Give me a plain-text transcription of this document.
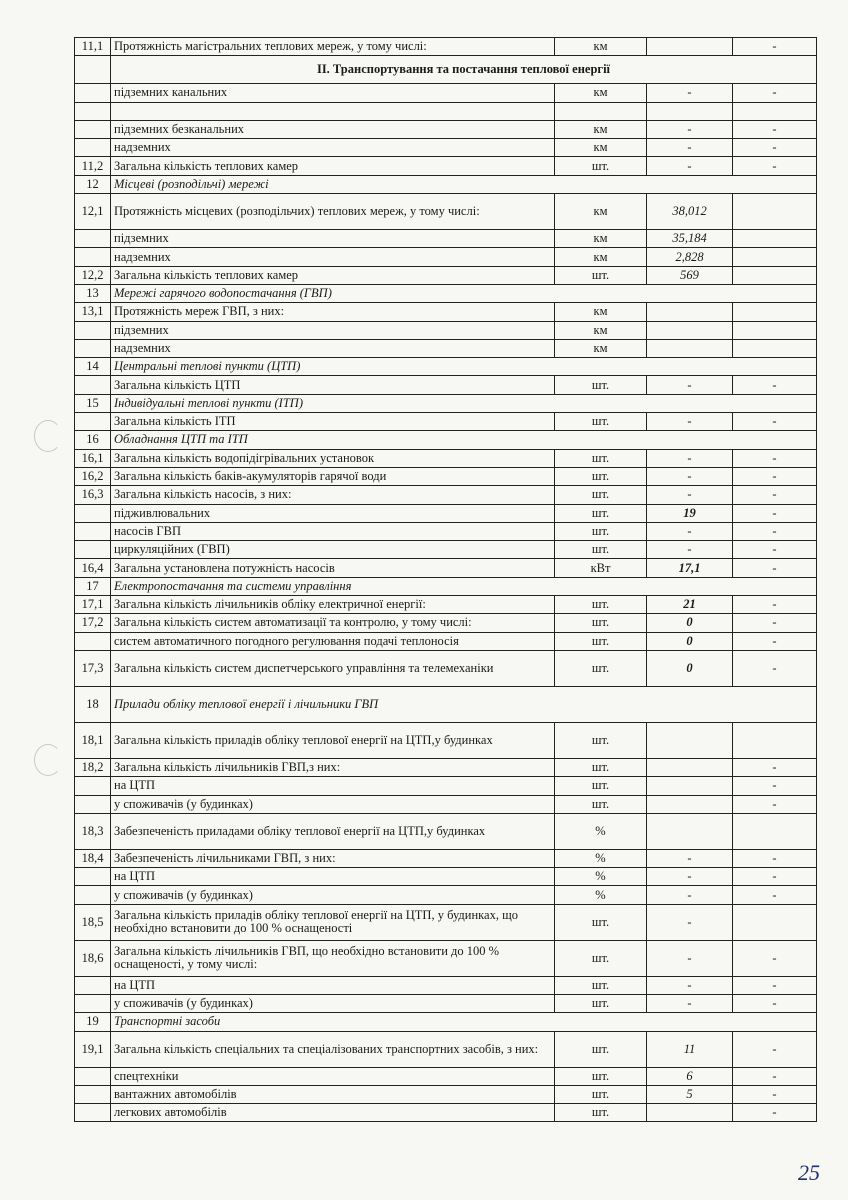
11,1	Протяжність магістральних теплових мереж, у тому числі:	км		-
	ІІ. Транспортування та постачання теплової енергії			
	підземних канальних	км	-	-

	підземних безканальних	км	-	-
	надземних	км	-	-
11,2	Загальна кількість теплових камер	шт.	-	-
12	Місцеві (розподільчі) мережі			
12,1	Протяжність місцевих (розподільчих) теплових мереж, у тому числі:	км	38,012	
	підземних	км	35,184	
	надземних	км	2,828	
12,2	Загальна кількість теплових камер	шт.	569	
13	Мережі гарячого водопостачання (ГВП)			
13,1	Протяжність мереж ГВП, з них:	км		
	підземних	км		
	надземних	км		
14	Центральні теплові пункти (ЦТП)			
	Загальна кількість ЦТП	шт.	-	-
15	Індивідуальні теплові пункти (ІТП)			
	Загальна кількість ІТП	шт.	-	-
16	Обладнання ЦТП та ІТП			
16,1	Загальна кількість водопідігрівальних установок	шт.	-	-
16,2	Загальна кількість баків-акумуляторів гарячої води	шт.	-	-
16,3	Загальна кількість насосів, з них:	шт.	-	-
	підживлювальних	шт.	19	-
	насосів ГВП	шт.	-	-
	циркуляційних (ГВП)	шт.	-	-
16,4	Загальна установлена потужність насосів	кВт	17,1	-
17	Електропостачання та системи управління			
17,1	Загальна кількість лічильників обліку електричної енергії:	шт.	21	-
17,2	Загальна кількість систем автоматизації та контролю, у тому числі:	шт.	0	-
	систем автоматичного погодного регулювання подачі теплоносія	шт.	0	-
17,3	Загальна кількість систем диспетчерського управління та телемеханіки	шт.	0	-
18	Прилади обліку теплової енергії і лічильники ГВП			
18,1	Загальна кількість приладів обліку теплової енергії на ЦТП,у будинках	шт.		
18,2	Загальна кількість лічильників ГВП,з них:	шт.		-
	на ЦТП	шт.		-
	у споживачів (у будинках)	шт.		-
18,3	Забезпеченість приладами обліку теплової енергії на ЦТП,у будинках	%		
18,4	Забезпеченість лічильниками ГВП, з них:	%	-	-
	на ЦТП	%	-	-
	у споживачів (у будинках)	%	-	-
18,5	Загальна кількість приладів обліку теплової енергії на ЦТП, у будинках, що необхідно встановити до 100 % оснащеності	шт.	-	
18,6	Загальна кількість лічильників ГВП, що необхідно встановити до 100 % оснащеності, у тому числі:	шт.	-	-
	на ЦТП	шт.	-	-
	у споживачів (у будинках)	шт.	-	-
19	Транспортні засоби			
19,1	Загальна кількість спеціальних та спеціалізованих транспортних засобів, з них:	шт.	11	-
	спецтехніки	шт.	6	-
	вантажних автомобілів	шт.	5	-
	легкових автомобілів	шт.		-
25
